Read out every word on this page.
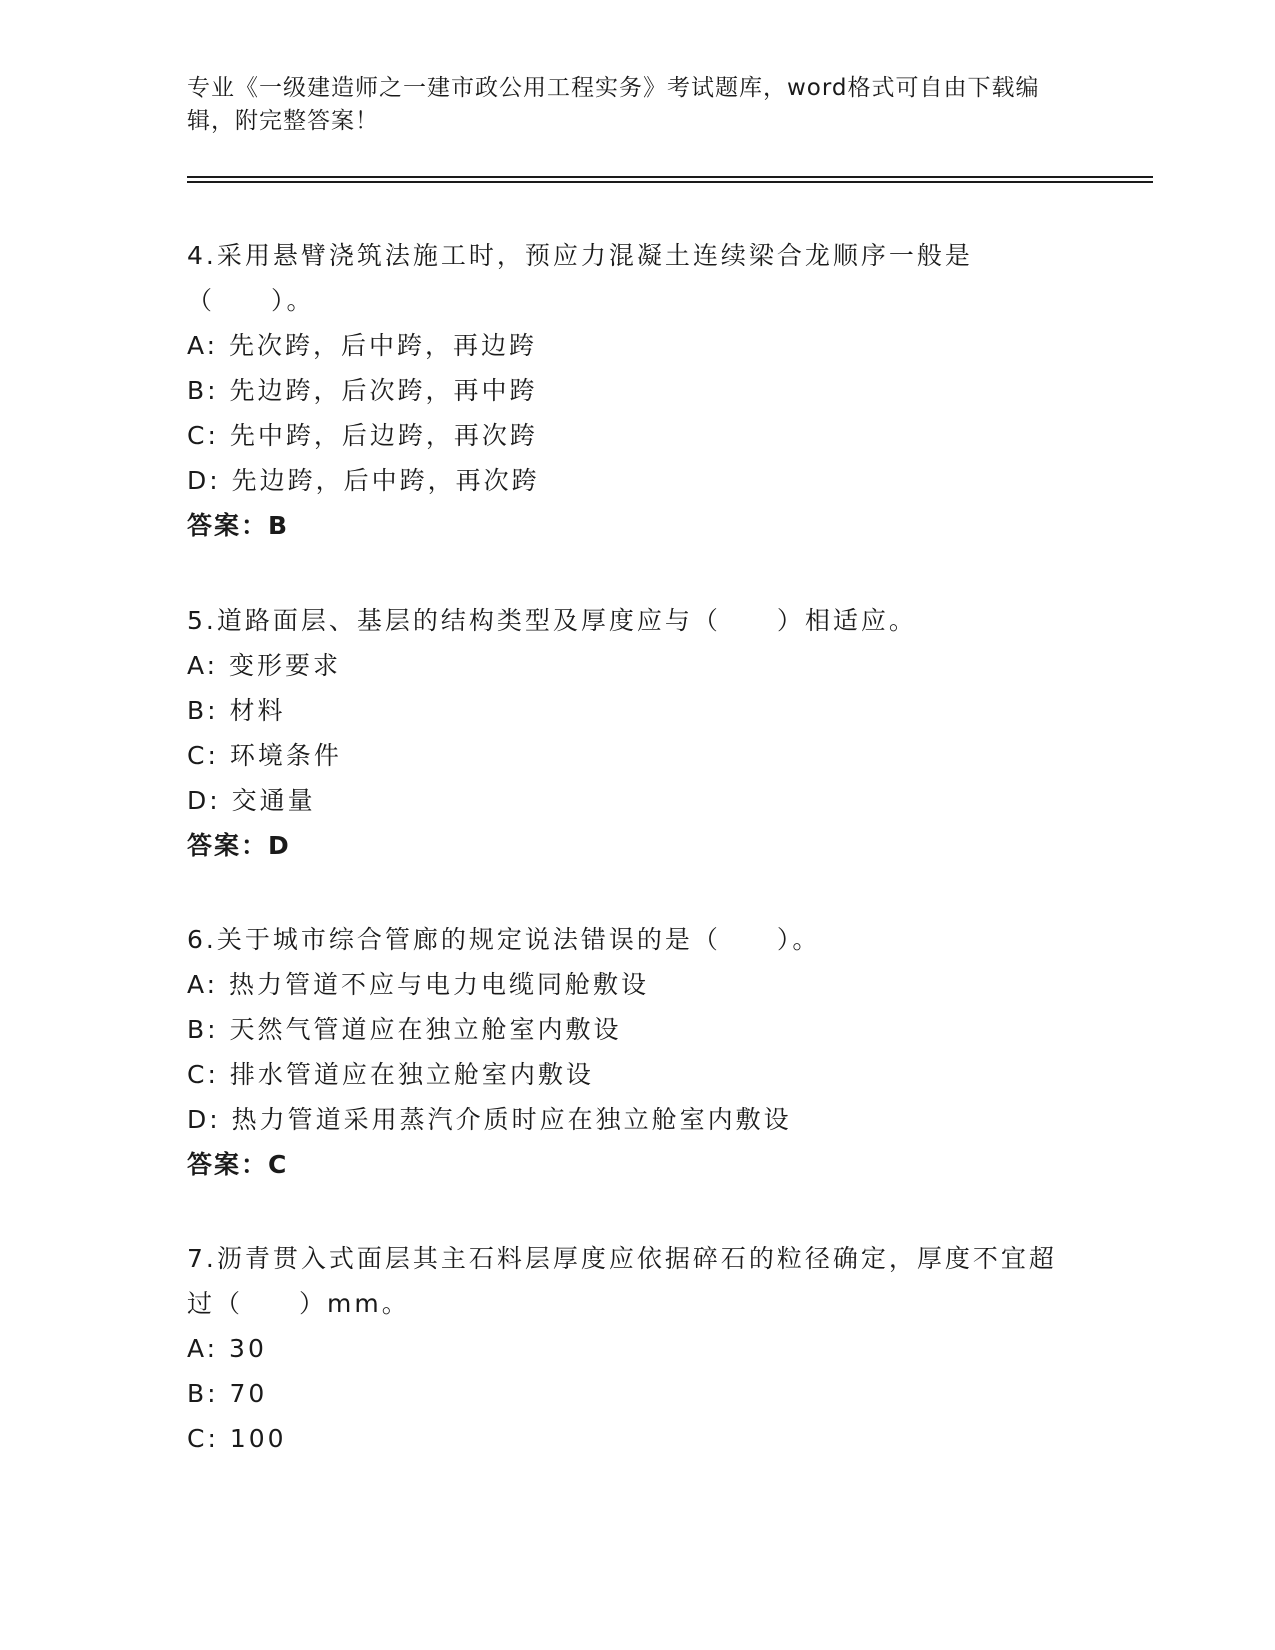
专业《一级建造师之一建市政公用工程实务》考试题库，word格式可自由下载编辑，附完整答案！

4.采用悬臂浇筑法施工时，预应力混凝土连续梁合龙顺序一般是（　　）。

A: 先次跨，后中跨，再边跨

B: 先边跨，后次跨，再中跨

C: 先中跨，后边跨，再次跨

D: 先边跨，后中跨，再次跨

答案：B

5.道路面层、基层的结构类型及厚度应与（　　）相适应。

A: 变形要求

B: 材料

C: 环境条件

D: 交通量

答案：D

6.关于城市综合管廊的规定说法错误的是（　　）。

A: 热力管道不应与电力电缆同舱敷设

B: 天然气管道应在独立舱室内敷设

C: 排水管道应在独立舱室内敷设

D: 热力管道采用蒸汽介质时应在独立舱室内敷设

答案：C

7.沥青贯入式面层其主石料层厚度应依据碎石的粒径确定，厚度不宜超过（　　）mm。

A: 30

B: 70

C: 100
